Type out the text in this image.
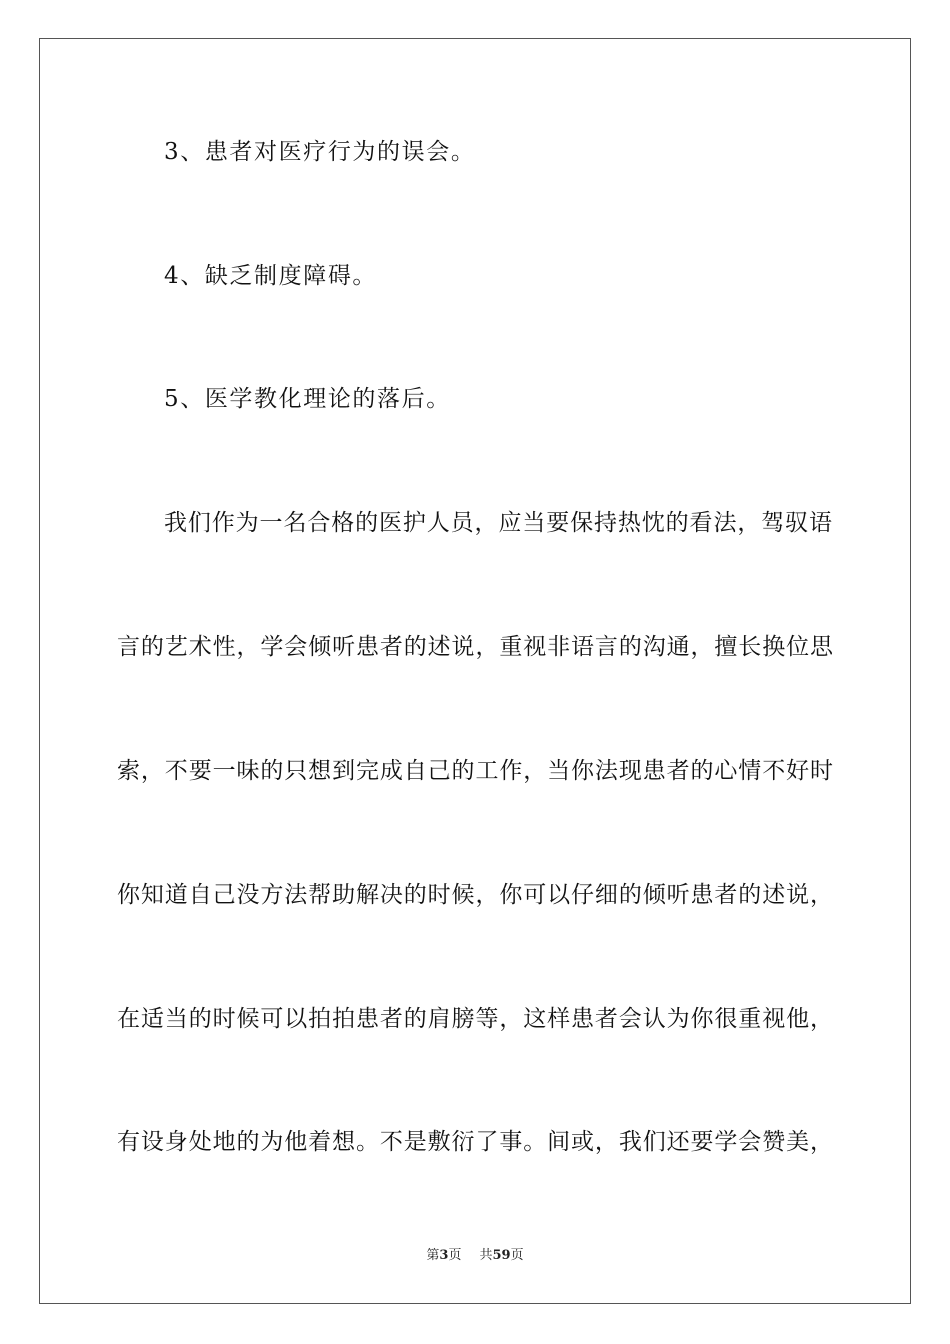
3、患者对医疗行为的误会。
4、缺乏制度障碍。
5、医学教化理论的落后。
我们作为一名合格的医护人员，应当要保持热忱的看法，驾驭语
言的艺术性，学会倾听患者的述说，重视非语言的沟通，擅长换位思
索，不要一味的只想到完成自己的工作，当你法现患者的心情不好时
你知道自己没方法帮助解决的时候，你可以仔细的倾听患者的述说，
在适当的时候可以拍拍患者的肩膀等，这样患者会认为你很重视他，
有设身处地的为他着想。不是敷衍了事。间或，我们还要学会赞美，
第3页 共59页
